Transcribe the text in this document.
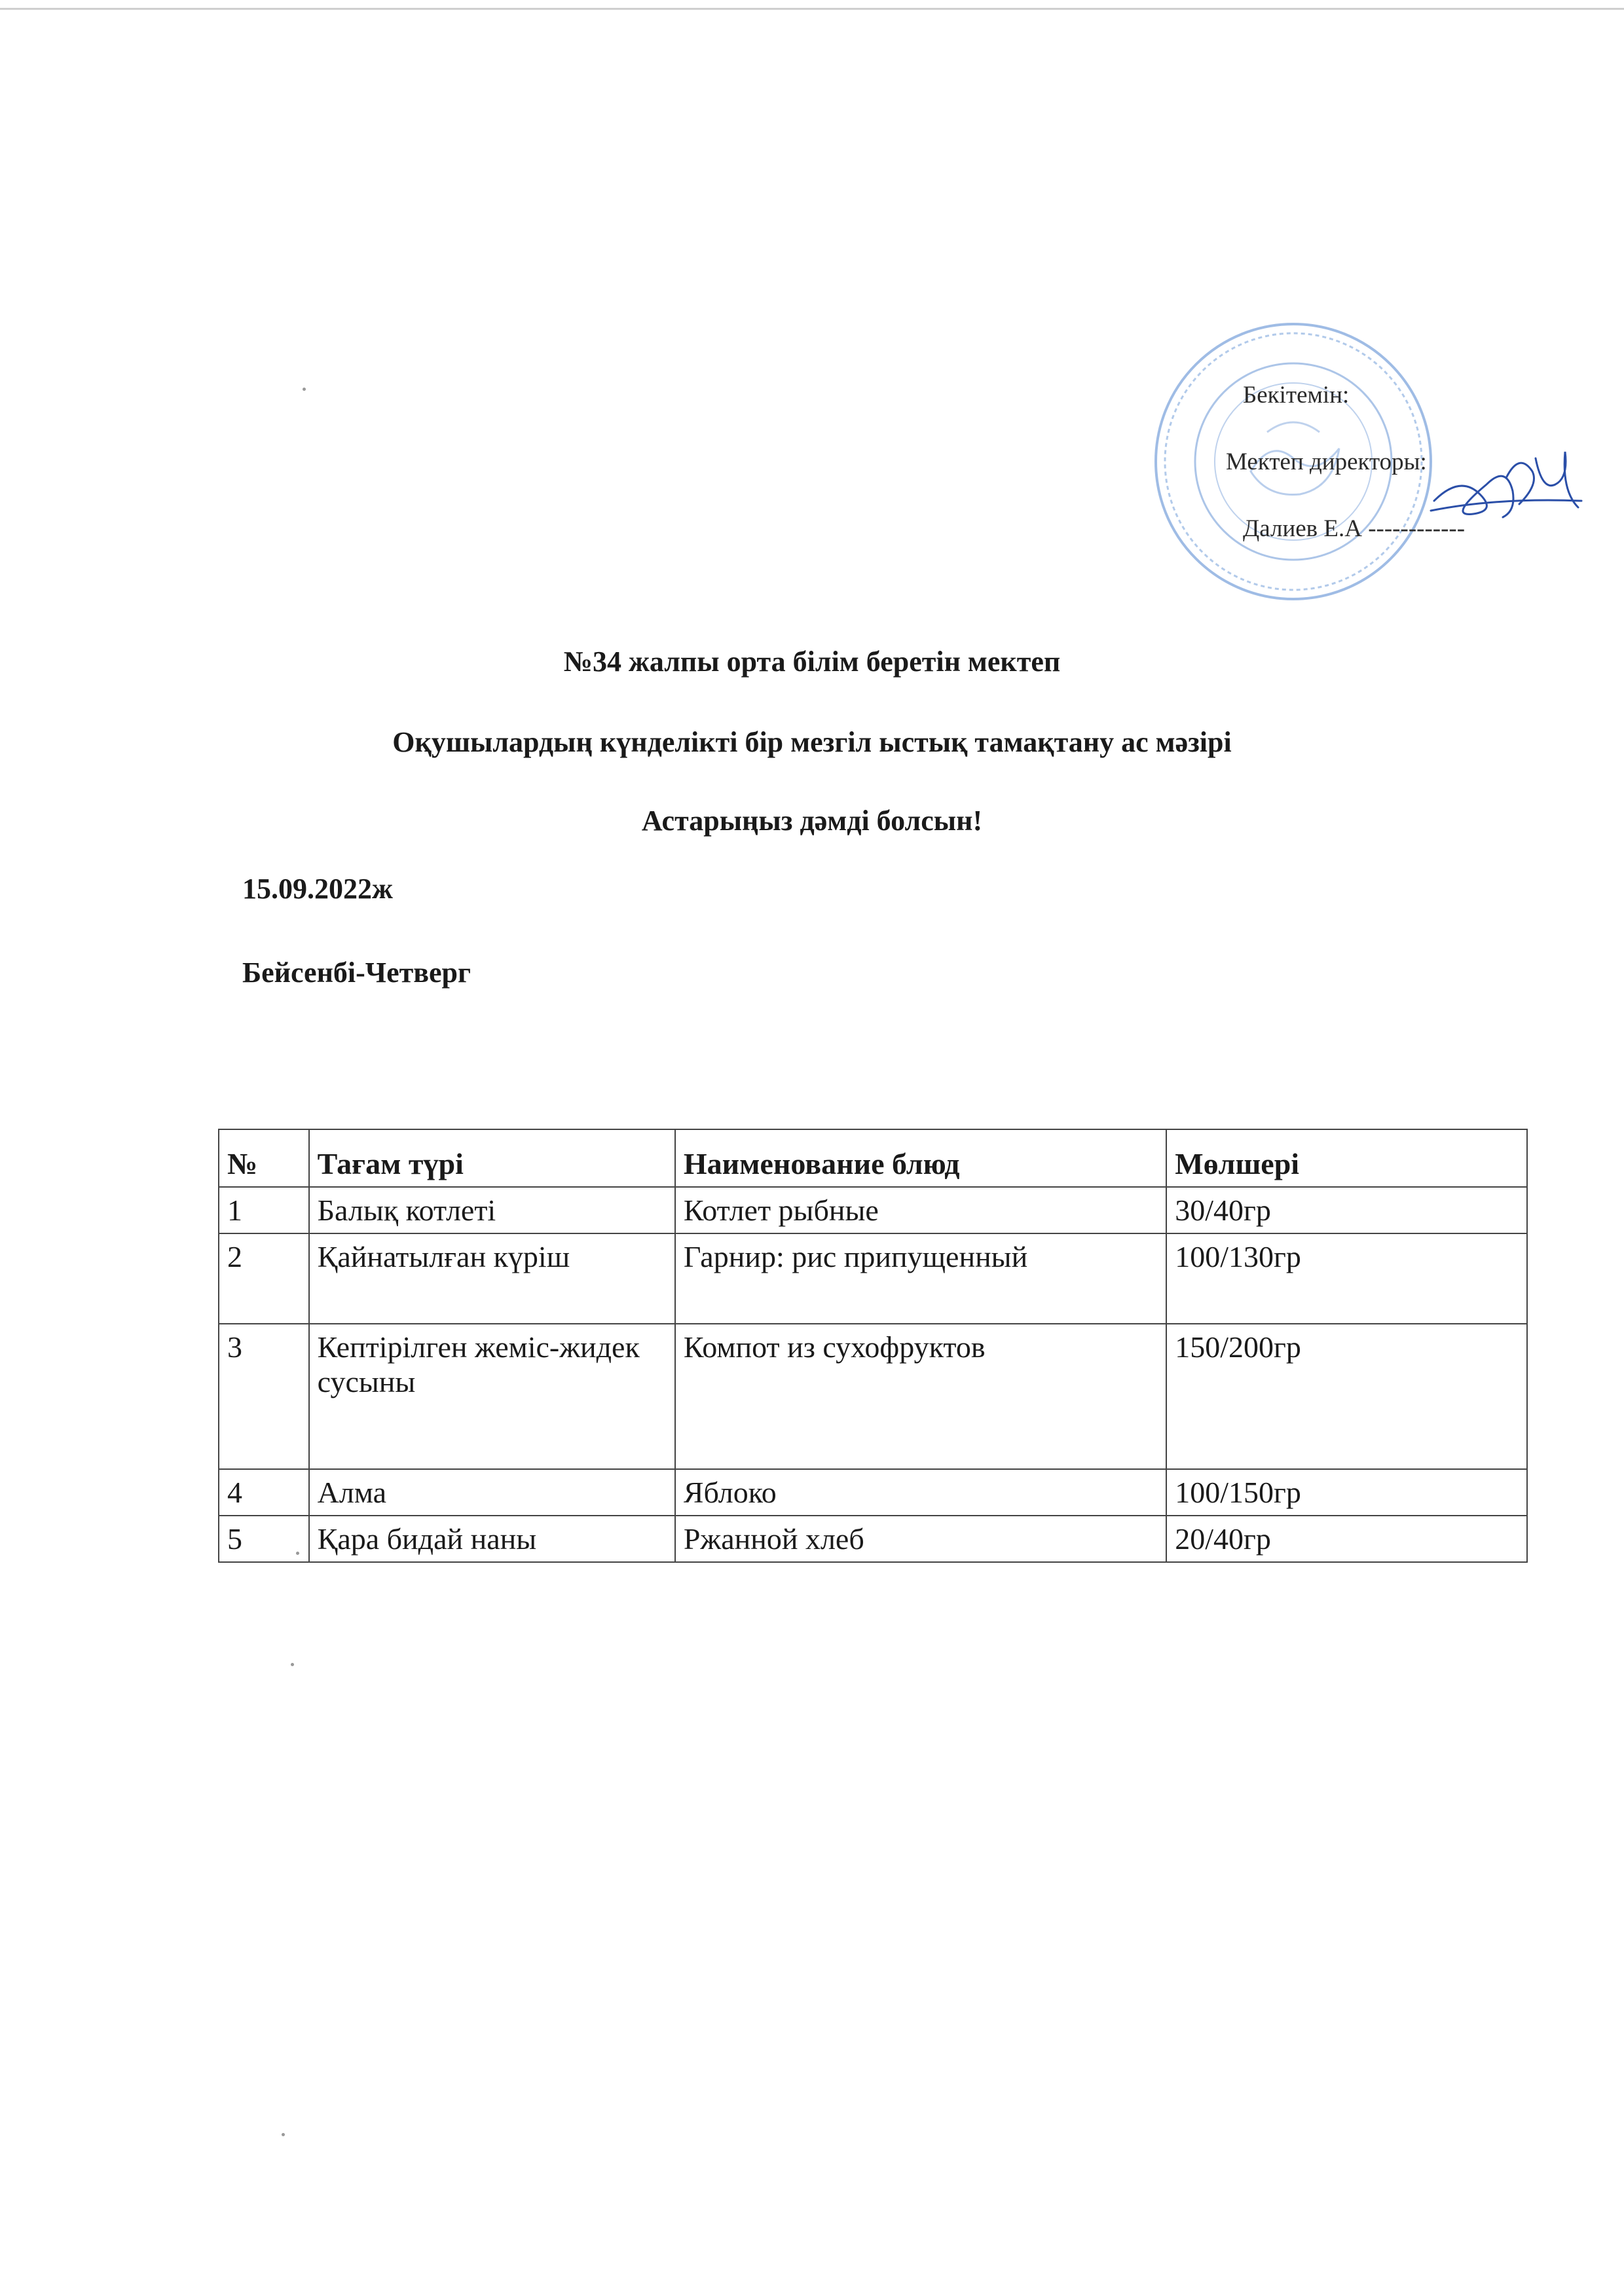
Бекітемін:
Мектеп директоры:
Далиев Е.А ------------
№34 жалпы орта білім беретін мектеп
Оқушылардың күнделікті бір мезгіл ыстық тамақтану ас мәзірі
Астарыңыз дәмді болсын!
15.09.2022ж
Бейсенбі-Четверг
№	Тағам түрі	Наименование блюд	Мөлшері
1	Балық котлеті	Котлет рыбные	30/40гр
2	Қайнатылған күріш	Гарнир: рис припущенный	100/130гр
3	Кептірілген жеміс-жидек сусыны	Компот из сухофруктов	150/200гр
4	Алма	Яблоко	100/150гр
5	Қара бидай наны	Ржанной хлеб	20/40гр
